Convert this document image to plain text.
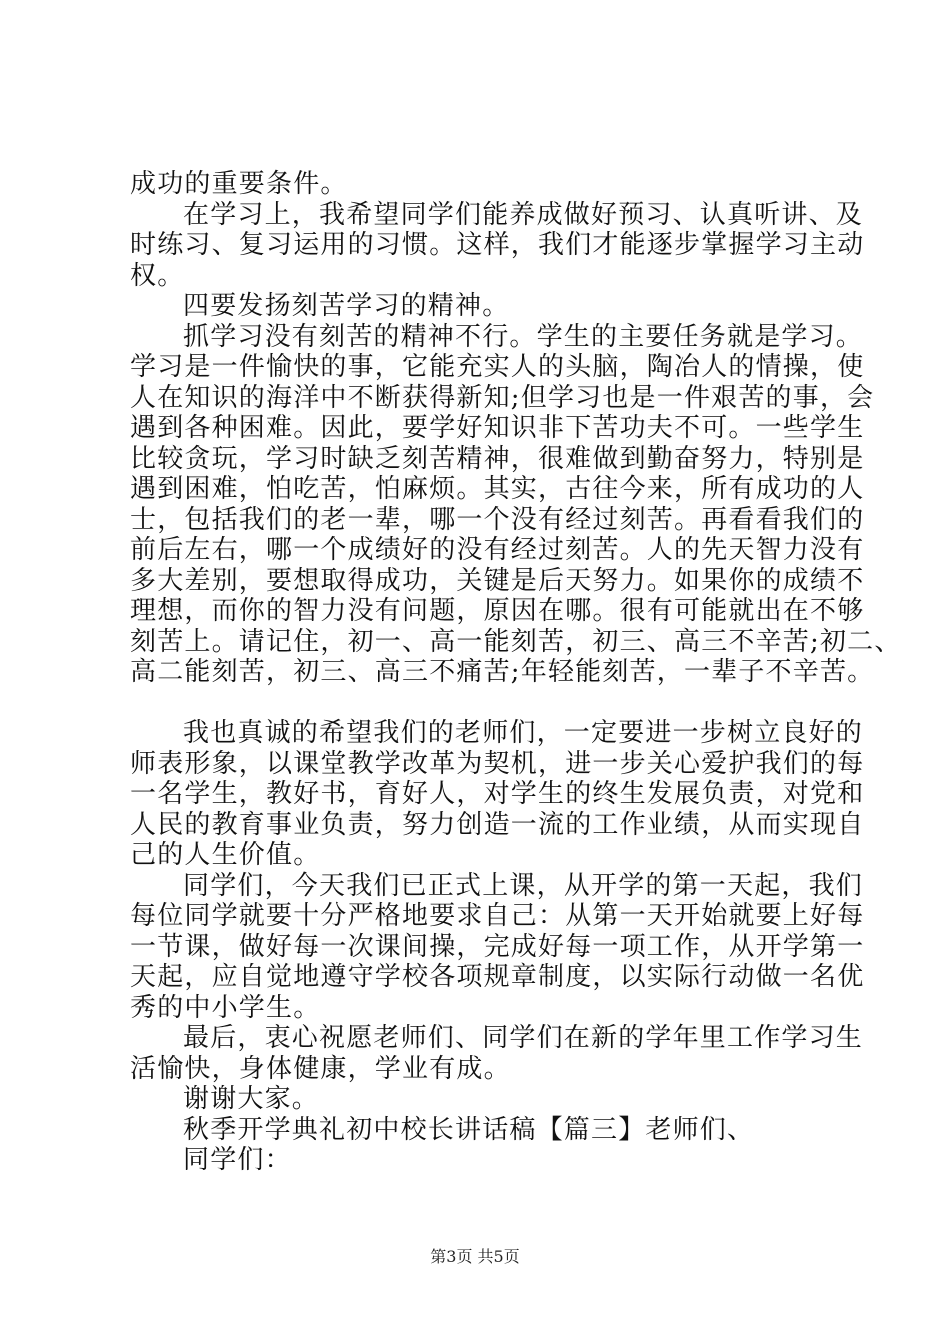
成功的重要条件。

在学习上，我希望同学们能养成做好预习、认真听讲、及

时练习、复习运用的习惯。这样，我们才能逐步掌握学习主动

权。

四要发扬刻苦学习的精神。

抓学习没有刻苦的精神不行。学生的主要任务就是学习。

学习是一件愉快的事，它能充实人的头脑，陶冶人的情操，使

人在知识的海洋中不断获得新知;但学习也是一件艰苦的事，会

遇到各种困难。因此，要学好知识非下苦功夫不可。一些学生

比较贪玩，学习时缺乏刻苦精神，很难做到勤奋努力，特别是

遇到困难，怕吃苦，怕麻烦。其实，古往今来，所有成功的人

士，包括我们的老一辈，哪一个没有经过刻苦。再看看我们的

前后左右，哪一个成绩好的没有经过刻苦。人的先天智力没有

多大差别，要想取得成功，关键是后天努力。如果你的成绩不

理想，而你的智力没有问题，原因在哪。很有可能就出在不够

刻苦上。请记住，初一、高一能刻苦，初三、高三不辛苦;初二、

高二能刻苦，初三、高三不痛苦;年轻能刻苦，一辈子不辛苦。

我也真诚的希望我们的老师们，一定要进一步树立良好的

师表形象，以课堂教学改革为契机，进一步关心爱护我们的每

一名学生，教好书，育好人，对学生的终生发展负责，对党和

人民的教育事业负责，努力创造一流的工作业绩，从而实现自

己的人生价值。

同学们，今天我们已正式上课，从开学的第一天起，我们

每位同学就要十分严格地要求自己：从第一天开始就要上好每

一节课，做好每一次课间操，完成好每一项工作，从开学第一

天起，应自觉地遵守学校各项规章制度，以实际行动做一名优

秀的中小学生。

最后，衷心祝愿老师们、同学们在新的学年里工作学习生

活愉快，身体健康，学业有成。

谢谢大家。

秋季开学典礼初中校长讲话稿【篇三】老师们、

同学们：

第3页 共5页
